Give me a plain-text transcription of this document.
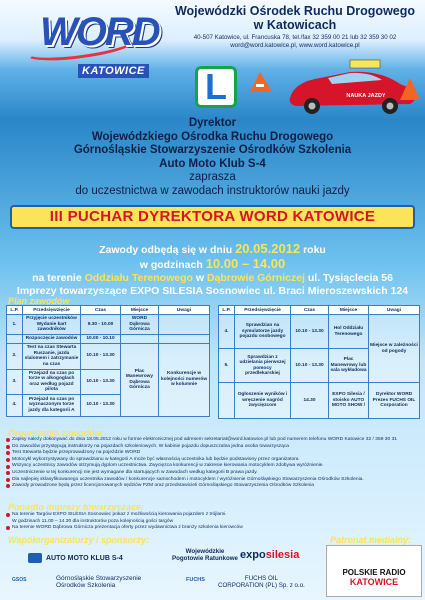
WORD
KATOWICE
Wojewódzki Ośrodek Ruchu Drogowego
w Katowicach
40-507 Katowice, ul. Francuska 78, tel./fax 32 359 00 21 lub 32 359 30 02
word@word.katowice.pl, www.word.katowice.pl
L	NAUKA JAZDY
Dyrektor
Wojewódzkiego Ośrodka Ruchu Drogowego
Górnośląskie Stowarzyszenie Ośrodków Szkolenia
Auto Moto Klub S-4
zaprasza
do uczestnictwa w zawodach instruktorów nauki jazdy
III PUCHAR DYREKTORA WORD KATOWICE
Zawody odbędą się w dniu 20.05.2012 roku
w godzinach 10.00 – 14.00
na terenie Oddziału Terenowego w Dąbrowie Górniczej ul. Tysiąclecia 56
Imprezy towarzyszące EXPO SILESIA Sosnowiec ul. Braci Mieroszewskich 124
Plan zawodów
L.P.	Przedsięwzięcie	Czas	Miejsce	Uwagi
1.	Przyjęcie uczestników Wydanie kart zawodników	9.30 - 10.00	WORD Dąbrowa Górnicza	
	Rozpoczęcie zawodów	10.00 - 10.10		
2.	Test na czas Stewarta Ruszanie, jazda slalomem i zatrzymanie na czas	10.10 - 13.30	Plac Manewrowy Dąbrowa Górnicza	Konkurencje w kolejności numerów w kolumnie
3.	Przejazd na czas po torze w alkogoglach oraz według pojazd pilota	10.10 - 13.30		
4.	Przejazd na czas po wyznaczonym torze jazdy dla kategorii A	10.10 - 13.30		
L.P.	Przedsięwzięcie	Czas	Miejsce	Uwagi
4.	Sprawdzian na symulatorze jazdy pojazdu osobowego	10.10 - 13.30	Hol Oddziału Terenowego	Miejsce w zależności od pogody
5.	Sprawdzian z udzielania pierwszej pomocy przedlekarskiej	10.10 - 13.30	Plac Manewrowy lub sala wykładowa	
	Ogłoszenie wyników i wręczenie nagród zwycięzcom	14.30	EXPO Silesia / stoisko AUTO MOTO SHOW /	Dyrektor WORD Prezes FUCHS OIL Corporation
Organizacja zawodów:
Zapisy należy dokonywać do dnia 18.05.2012 roku w formie elektronicznej pod adresem sekretariat@word.katowice.pl lub pod numerem telefonu WORD Katowice 32 / 359 30 31
Do zawodów przystępują instruktorzy na pojazdach szkoleniowych. W kabinie pojazdu dopuszczalna jedna osoba towarzysząca
Test Stewarta będzie przeprowadzony na pojeździe WORD
Motocykl wykorzystywany do sprawdzianu w kategorii A może być własnością uczestnika lub będzie podstawiony przez organizatora
Wszyscy uczestnicy zawodów otrzymują dyplom uczestnictwa. Zwycięzca konkurencji w zakresie kierowania motocyklem zdobywa wyróżnienie.
Uczestniczenie w tej konkurencji nie jest wymagane dla startujących w zawodach według kategorii B prawa jazdy.
Dla najlepiej sklasyfikowanego uczestnika zawodów / konkurencje samochodem i motocyklem / wyróżnienie Górnośląskiego Stowarzyszenia Ośrodków Szkolenia.
Zawody prowadzone będą przez licencjonowanych sędziów PZM oraz przedstawicieli Górnośląskiego Stowarzyszenia Ośrodków Szkolenia
Ponadto imprezy towarzyszące:
Na terenie Targów EXPO SILESIA Sosnowiec pokaz z możliwością kierowania pojazdem z trójlami.
W godzinach 11.00 – 14.30 dla instruktorów poza kolejnością gości targów
Na terenie WORD Dąbrowa Górnicza prezentacja oferty przez wydawnictwa z branży szkolenia kierowców
Współorganizatorzy i sponsorzy:	Patronat medialny:
AUTO MOTO KLUB S-4
Wojewódzkie
Pogotowie Ratunkowe exposilesia
GSOS	Górnośląskie Stowarzyszenie
Ośrodków Szkolenia
FUCHS	FUCHS OIL
CORPORATION (PL) Sp. z o.o.
POLSKIE RADIO
KATOWICE
